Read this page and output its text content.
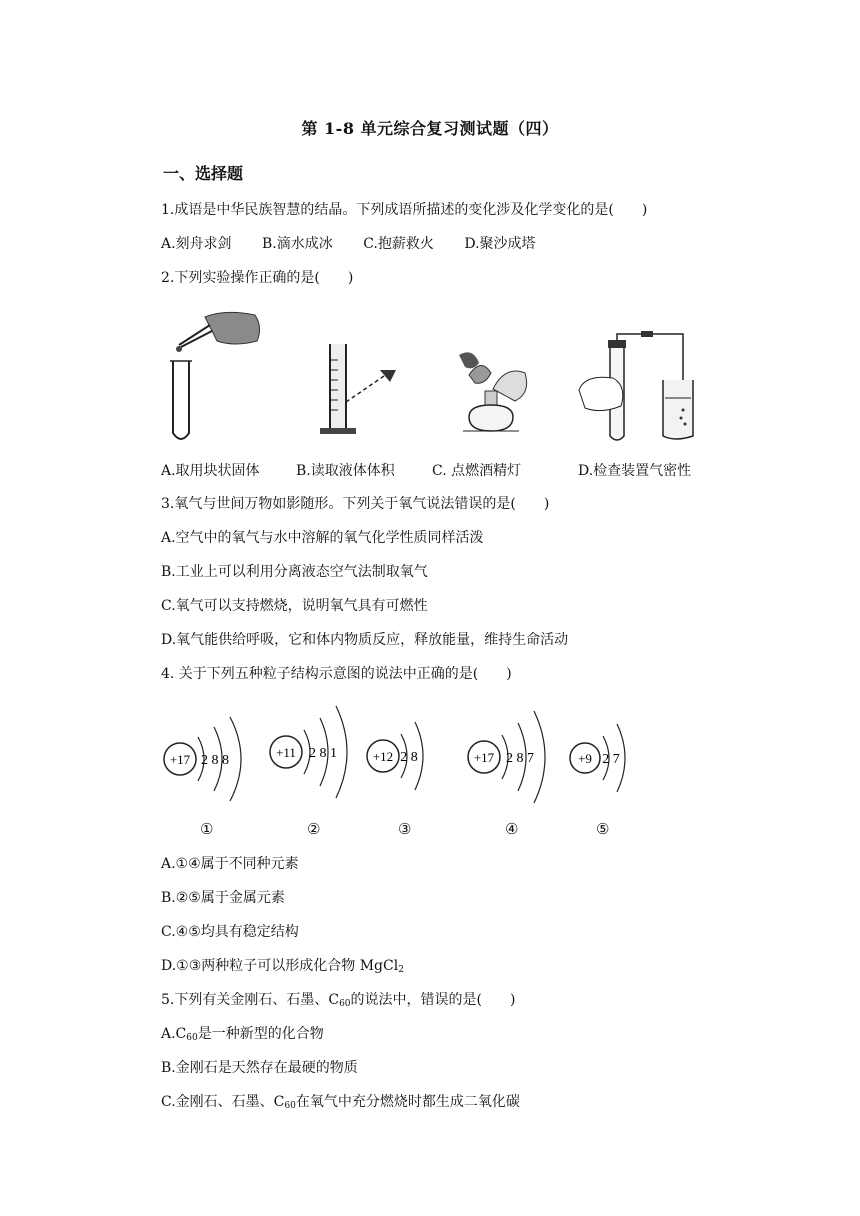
第 1-8 单元综合复习测试题（四）
一、选择题
1.成语是中华民族智慧的结晶。下列成语所描述的变化涉及化学变化的是(　　)
A.刻舟求剑 B.滴水成冰 C.抱薪救火 D.聚沙成塔
2.下列实验操作正确的是(　　)
A.取用块状固体	B.读取液体体积	C. 点燃酒精灯	D.检查装置气密性
3.氧气与世间万物如影随形。下列关于氧气说法错误的是(　　)
A.空气中的氧气与水中溶解的氧气化学性质同样活泼
B.工业上可以利用分离液态空气法制取氧气
C.氧气可以支持燃烧，说明氧气具有可燃性
D.氧气能供给呼吸，它和体内物质反应，释放能量，维持生命活动
4. 关于下列五种粒子结构示意图的说法中正确的是(　　)
+17 2 8 8
+11 2 8 1	+12 2 8	+17 2 8 7	+9 2 7
①	②	③	④	⑤
A.①④属于不同种元素
B.②⑤属于金属元素
C.④⑤均具有稳定结构
D.①③两种粒子可以形成化合物 MgCl$_2$
5.下列有关金刚石、石墨、$C_{60}$的说法中，错误的是(　　)
$A.C_{60}$是一种新型的化合物
B.金刚石是天然存在最硬的物质
C.金刚石、石墨、$C_{60}$在氧气中充分燃烧时都生成二氧化碳
